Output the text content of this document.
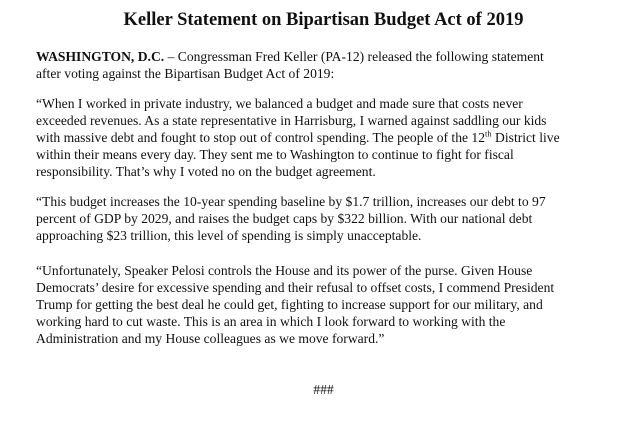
Keller Statement on Bipartisan Budget Act of 2019

WASHINGTON, D.C. – Congressman Fred Keller (PA-12) released the following statement
after voting against the Bipartisan Budget Act of 2019:

“When I worked in private industry, we balanced a budget and made sure that costs never
exceeded revenues. As a state representative in Harrisburg, I warned against saddling our kids
with massive debt and fought to stop out of control spending. The people of the 12th District live
within their means every day. They sent me to Washington to continue to fight for fiscal
responsibility. That’s why I voted no on the budget agreement.

“This budget increases the 10-year spending baseline by $1.7 trillion, increases our debt to 97
percent of GDP by 2029, and raises the budget caps by $322 billion. With our national debt
approaching $23 trillion, this level of spending is simply unacceptable.

“Unfortunately, Speaker Pelosi controls the House and its power of the purse. Given House
Democrats’ desire for excessive spending and their refusal to offset costs, I commend President
Trump for getting the best deal he could get, fighting to increase support for our military, and
working hard to cut waste. This is an area in which I look forward to working with the
Administration and my House colleagues as we move forward.”

###
